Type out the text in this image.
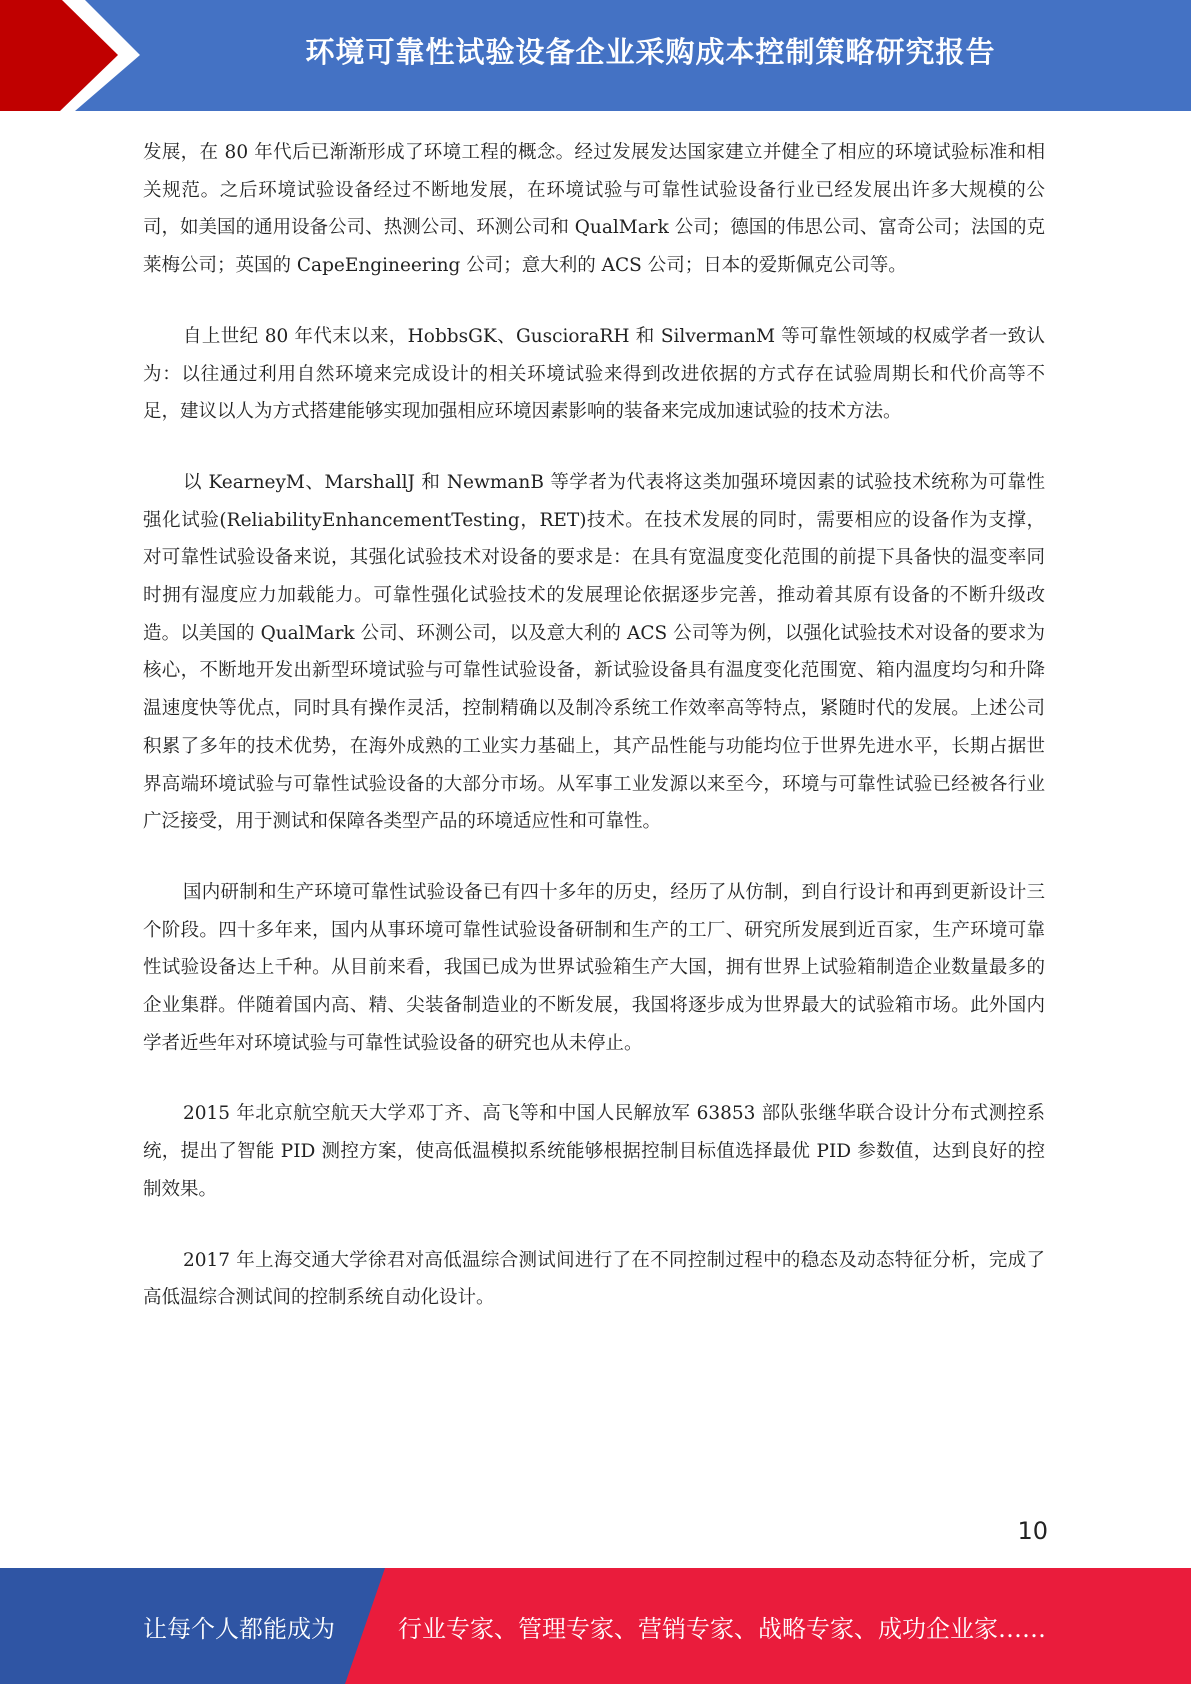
环境可靠性试验设备企业采购成本控制策略研究报告

发展，在 80 年代后已渐渐形成了环境工程的概念。经过发展发达国家建立并健全了相应的环境试验标准和相关规范。之后环境试验设备经过不断地发展，在环境试验与可靠性试验设备行业已经发展出许多大规模的公司，如美国的通用设备公司、热测公司、环测公司和 QualMark 公司；德国的伟思公司、富奇公司；法国的克莱梅公司；英国的 CapeEngineering 公司；意大利的 ACS 公司；日本的爱斯佩克公司等。

自上世纪 80 年代末以来，HobbsGK、GuscioraRH 和 SilvermanM 等可靠性领域的权威学者一致认为：以往通过利用自然环境来完成设计的相关环境试验来得到改进依据的方式存在试验周期长和代价高等不足，建议以人为方式搭建能够实现加强相应环境因素影响的装备来完成加速试验的技术方法。

以 KearneyM、MarshallJ 和 NewmanB 等学者为代表将这类加强环境因素的试验技术统称为可靠性强化试验(ReliabilityEnhancementTesting，RET)技术。在技术发展的同时，需要相应的设备作为支撑，对可靠性试验设备来说，其强化试验技术对设备的要求是：在具有宽温度变化范围的前提下具备快的温变率同时拥有湿度应力加载能力。可靠性强化试验技术的发展理论依据逐步完善，推动着其原有设备的不断升级改造。以美国的 QualMark 公司、环测公司，以及意大利的 ACS 公司等为例，以强化试验技术对设备的要求为核心，不断地开发出新型环境试验与可靠性试验设备，新试验设备具有温度变化范围宽、箱内温度均匀和升降温速度快等优点，同时具有操作灵活，控制精确以及制冷系统工作效率高等特点，紧随时代的发展。上述公司积累了多年的技术优势，在海外成熟的工业实力基础上，其产品性能与功能均位于世界先进水平，长期占据世界高端环境试验与可靠性试验设备的大部分市场。从军事工业发源以来至今，环境与可靠性试验已经被各行业广泛接受，用于测试和保障各类型产品的环境适应性和可靠性。

国内研制和生产环境可靠性试验设备已有四十多年的历史，经历了从仿制，到自行设计和再到更新设计三个阶段。四十多年来，国内从事环境可靠性试验设备研制和生产的工厂、研究所发展到近百家，生产环境可靠性试验设备达上千种。从目前来看，我国已成为世界试验箱生产大国，拥有世界上试验箱制造企业数量最多的企业集群。伴随着国内高、精、尖装备制造业的不断发展，我国将逐步成为世界最大的试验箱市场。此外国内学者近些年对环境试验与可靠性试验设备的研究也从未停止。

2015 年北京航空航天大学邓丁齐、高飞等和中国人民解放军 63853 部队张继华联合设计分布式测控系统，提出了智能 PID 测控方案，使高低温模拟系统能够根据控制目标值选择最优 PID 参数值，达到良好的控制效果。

2017 年上海交通大学徐君对高低温综合测试间进行了在不同控制过程中的稳态及动态特征分析，完成了高低温综合测试间的控制系统自动化设计。

10
让每个人都能成为	行业专家、管理专家、营销专家、战略专家、成功企业家……
